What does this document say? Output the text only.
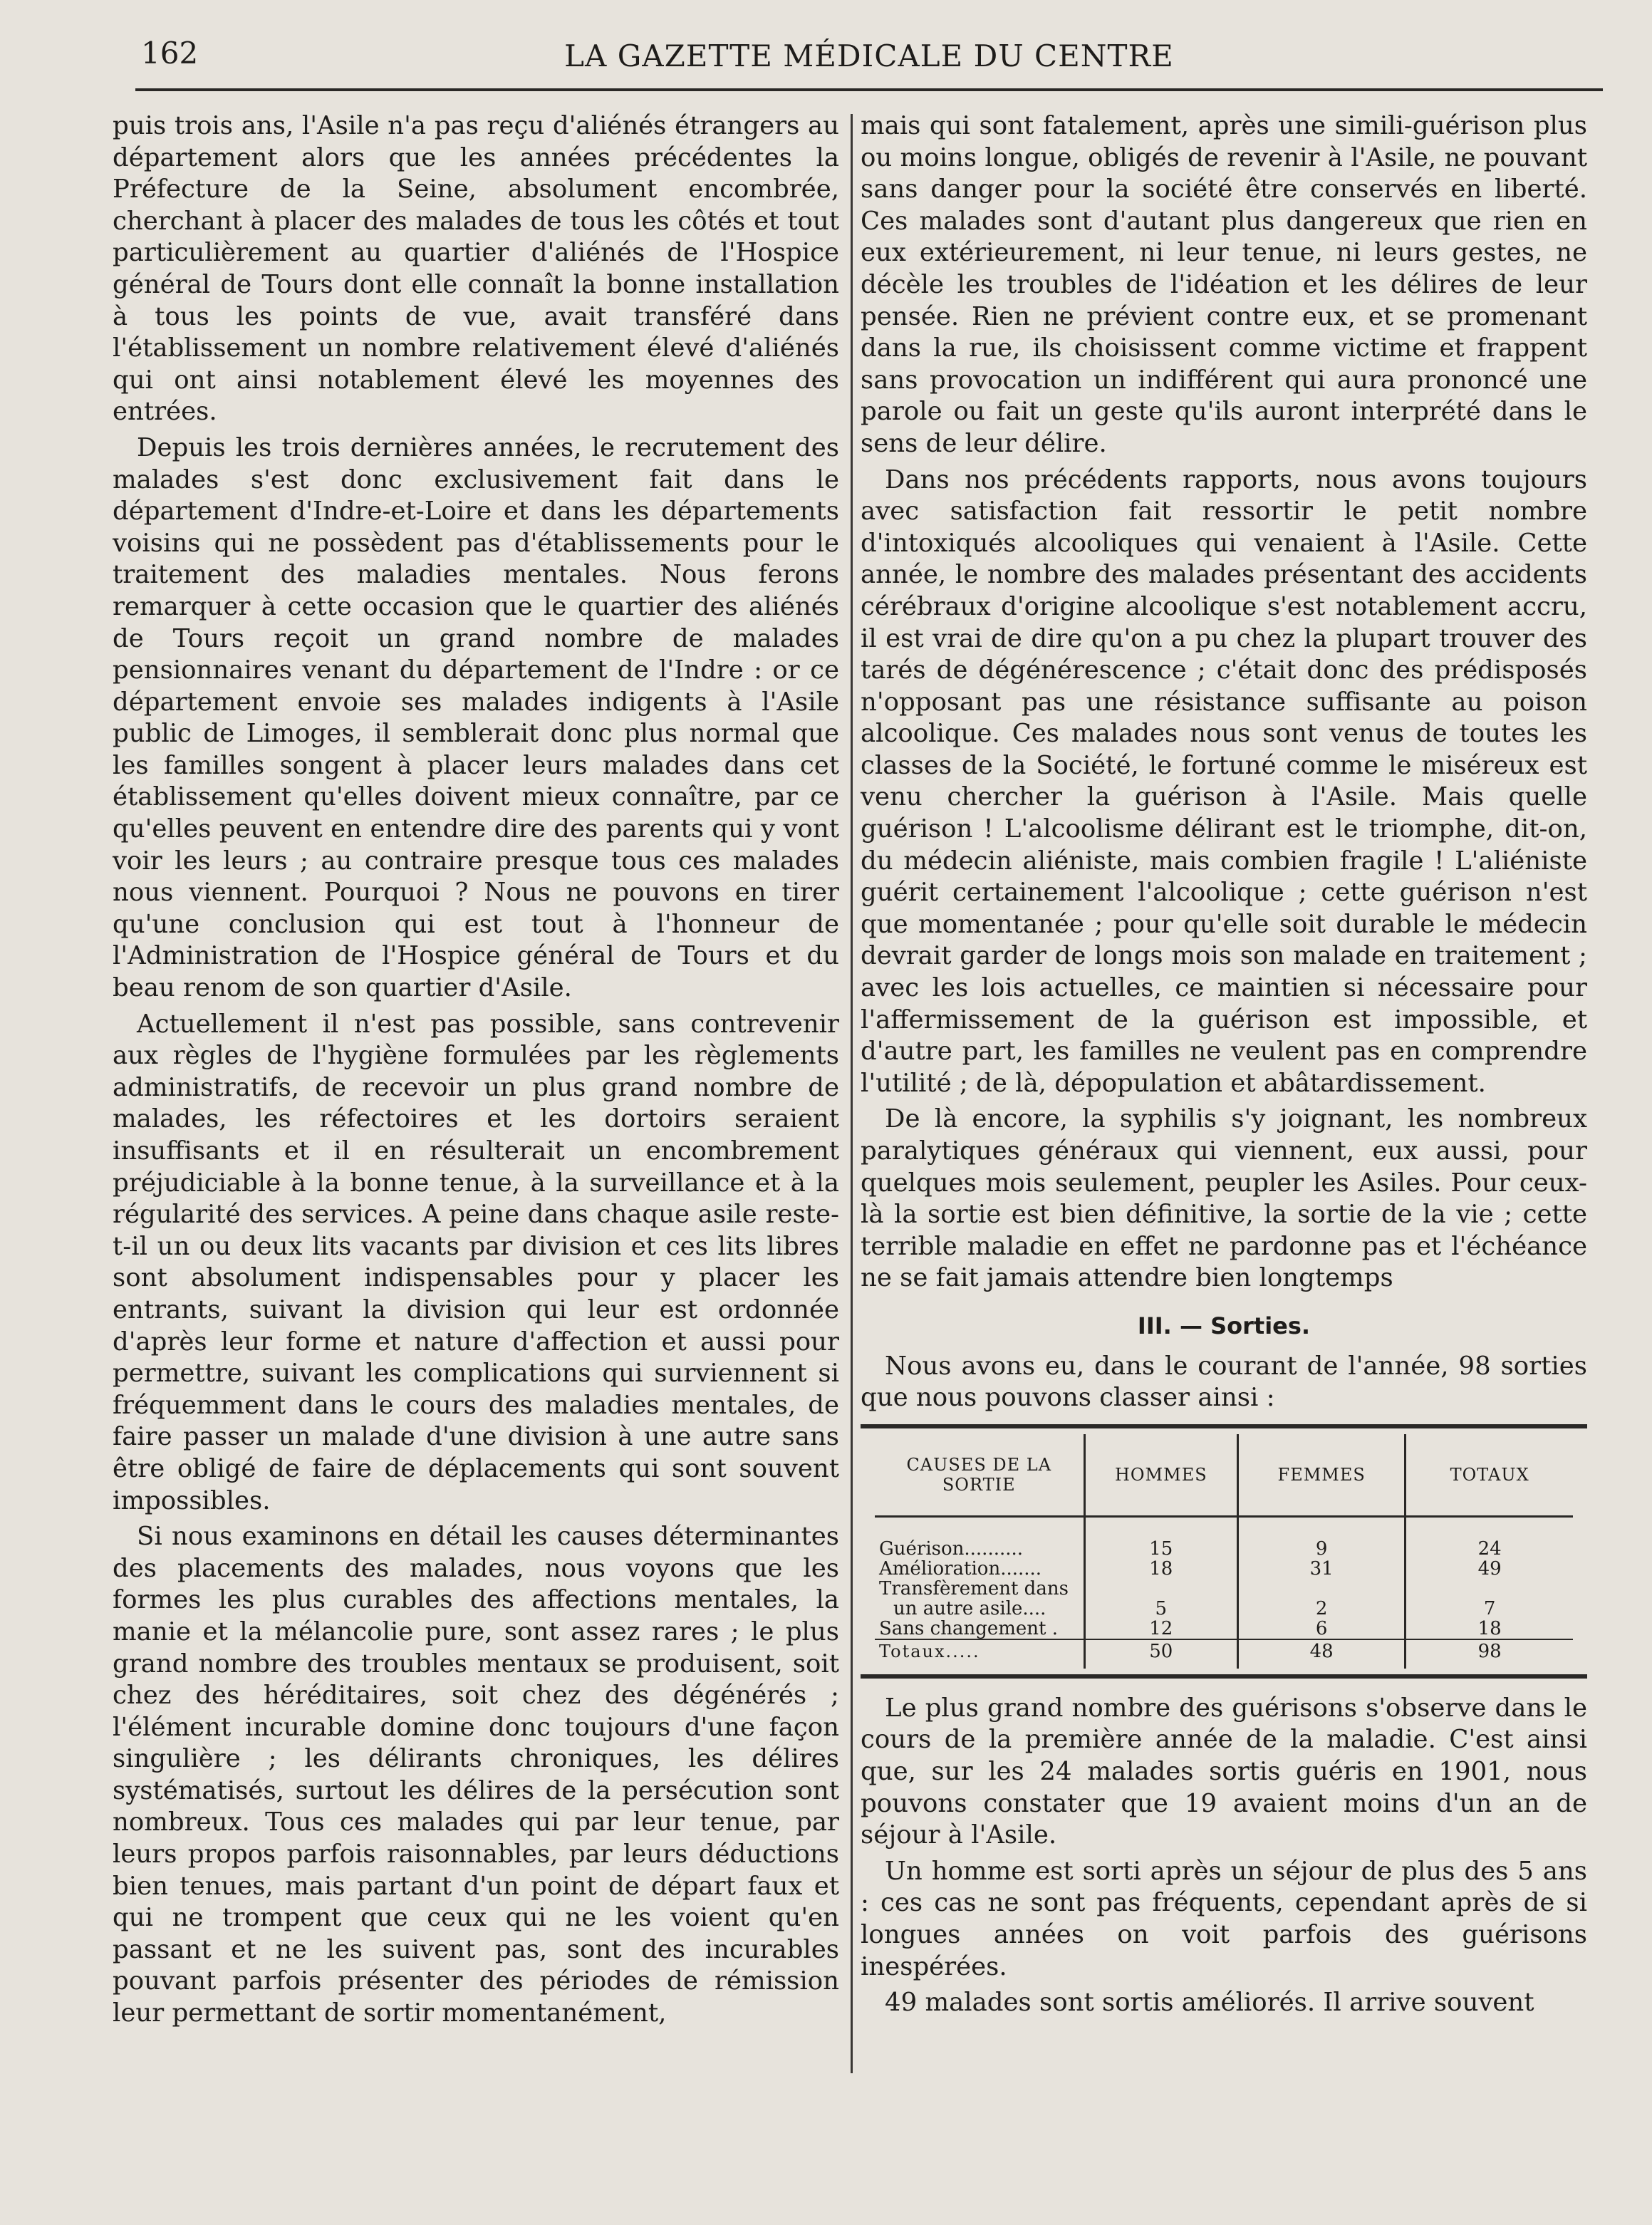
162	LA GAZETTE MÉDICALE DU CENTRE

puis trois ans, l'Asile n'a pas reçu d'aliénés étrangers au département alors que les années précédentes la Préfecture de la Seine, absolument encombrée, cherchant à placer des malades de tous les côtés et tout particulièrement au quartier d'aliénés de l'Hospice général de Tours dont elle connaît la bonne installation à tous les points de vue, avait transféré dans l'établissement un nombre relativement élevé d'aliénés qui ont ainsi notablement élevé les moyennes des entrées.

Depuis les trois dernières années, le recrutement des malades s'est donc exclusivement fait dans le département d'Indre-et-Loire et dans les départements voisins qui ne possèdent pas d'établissements pour le traitement des maladies mentales. Nous ferons remarquer à cette occasion que le quartier des aliénés de Tours reçoit un grand nombre de malades pensionnaires venant du département de l'Indre : or ce département envoie ses malades indigents à l'Asile public de Limoges, il semblerait donc plus normal que les familles songent à placer leurs malades dans cet établissement qu'elles doivent mieux connaître, par ce qu'elles peuvent en entendre dire des parents qui y vont voir les leurs ; au contraire presque tous ces malades nous viennent. Pourquoi ? Nous ne pouvons en tirer qu'une conclusion qui est tout à l'honneur de l'Administration de l'Hospice général de Tours et du beau renom de son quartier d'Asile.

Actuellement il n'est pas possible, sans contrevenir aux règles de l'hygiène formulées par les règlements administratifs, de recevoir un plus grand nombre de malades, les réfectoires et les dortoirs seraient insuffisants et il en résulterait un encombrement préjudiciable à la bonne tenue, à la surveillance et à la régularité des services. A peine dans chaque asile reste-t-il un ou deux lits vacants par division et ces lits libres sont absolument indispensables pour y placer les entrants, suivant la division qui leur est ordonnée d'après leur forme et nature d'affection et aussi pour permettre, suivant les complications qui surviennent si fréquemment dans le cours des maladies mentales, de faire passer un malade d'une division à une autre sans être obligé de faire de déplacements qui sont souvent impossibles.

Si nous examinons en détail les causes déterminantes des placements des malades, nous voyons que les formes les plus curables des affections mentales, la manie et la mélancolie pure, sont assez rares ; le plus grand nombre des troubles mentaux se produisent, soit chez des héréditaires, soit chez des dégénérés ; l'élément incurable domine donc toujours d'une façon singulière ; les délirants chroniques, les délires systématisés, surtout les délires de la persécution sont nombreux. Tous ces malades qui par leur tenue, par leurs propos parfois raisonnables, par leurs déductions bien tenues, mais partant d'un point de départ faux et qui ne trompent que ceux qui ne les voient qu'en passant et ne les suivent pas, sont des incurables pouvant parfois présenter des périodes de rémission leur permettant de sortir momentanément,

mais qui sont fatalement, après une simili-guérison plus ou moins longue, obligés de revenir à l'Asile, ne pouvant sans danger pour la société être conservés en liberté. Ces malades sont d'autant plus dangereux que rien en eux extérieurement, ni leur tenue, ni leurs gestes, ne décèle les troubles de l'idéation et les délires de leur pensée. Rien ne prévient contre eux, et se promenant dans la rue, ils choisissent comme victime et frappent sans provocation un indifférent qui aura prononcé une parole ou fait un geste qu'ils auront interprété dans le sens de leur délire.

Dans nos précédents rapports, nous avons toujours avec satisfaction fait ressortir le petit nombre d'intoxiqués alcooliques qui venaient à l'Asile. Cette année, le nombre des malades présentant des accidents cérébraux d'origine alcoolique s'est notablement accru, il est vrai de dire qu'on a pu chez la plupart trouver des tarés de dégénérescence ; c'était donc des prédisposés n'opposant pas une résistance suffisante au poison alcoolique. Ces malades nous sont venus de toutes les classes de la Société, le fortuné comme le miséreux est venu chercher la guérison à l'Asile. Mais quelle guérison ! L'alcoolisme délirant est le triomphe, dit-on, du médecin aliéniste, mais combien fragile ! L'aliéniste guérit certainement l'alcoolique ; cette guérison n'est que momentanée ; pour qu'elle soit durable le médecin devrait garder de longs mois son malade en traitement ; avec les lois actuelles, ce maintien si nécessaire pour l'affermissement de la guérison est impossible, et d'autre part, les familles ne veulent pas en comprendre l'utilité ; de là, dépopulation et abâtardissement.

De là encore, la syphilis s'y joignant, les nombreux paralytiques généraux qui viennent, eux aussi, pour quelques mois seulement, peupler les Asiles. Pour ceux-là la sortie est bien définitive, la sortie de la vie ; cette terrible maladie en effet ne pardonne pas et l'échéance ne se fait jamais attendre bien longtemps

III. — Sorties.

Nous avons eu, dans le courant de l'année, 98 sorties que nous pouvons classer ainsi :

CAUSES DE LA SORTIE	HOMMES	FEMMES	TOTAUX
Guérison..........	15	9	24
Amélioration.......	18	31	49

Transfèrement dans
un autre asile....	5	2	7
Sans changement .	12	6	18
Totaux.....	50	48	98

Le plus grand nombre des guérisons s'observe dans le cours de la première année de la maladie. C'est ainsi que, sur les 24 malades sortis guéris en 1901, nous pouvons constater que 19 avaient moins d'un an de séjour à l'Asile.

Un homme est sorti après un séjour de plus des 5 ans : ces cas ne sont pas fréquents, cependant après de si longues années on voit parfois des guérisons inespérées.

49 malades sont sortis améliorés. Il arrive souvent
